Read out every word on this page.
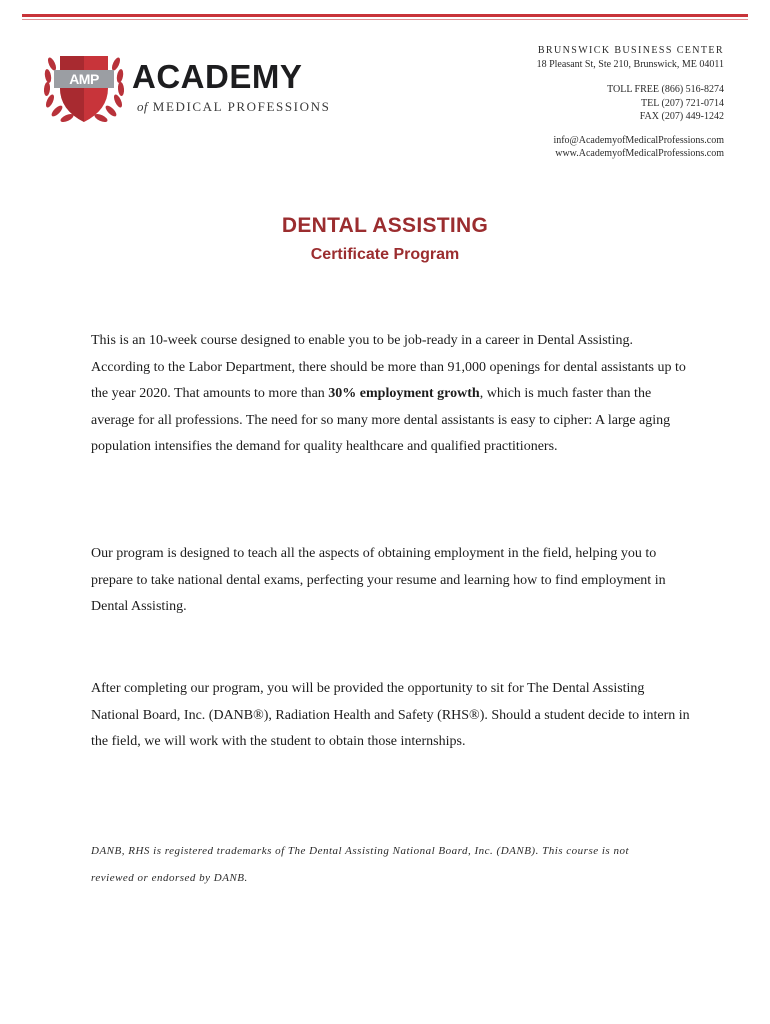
AMP ACADEMY
of MEDICAL PROFESSIONS
BRUNSWICK BUSINESS CENTER
18 Pleasant St, Ste 210, Brunswick, ME 04011
TOLL FREE (866) 516-8274
TEL (207) 721-0714
FAX (207) 449-1242
info@AcademyofMedicalProfessions.com
www.AcademyofMedicalProfessions.com
DENTAL ASSISTING
Certificate Program

This is an 10-week course designed to enable you to be job-ready in a career in Dental Assisting. According to the Labor Department, there should be more than 91,000 openings for dental assistants up to the year 2020. That amounts to more than 30% employment growth, which is much faster than the average for all professions. The need for so many more dental assistants is easy to cipher: A large aging population intensifies the demand for quality healthcare and qualified practitioners.

Our program is designed to teach all the aspects of obtaining employment in the field, helping you to prepare to take national dental exams, perfecting your resume and learning how to find employment in Dental Assisting.

After completing our program, you will be provided the opportunity to sit for The Dental Assisting National Board, Inc. (DANB®), Radiation Health and Safety (RHS®). Should a student decide to intern in the field, we will work with the student to obtain those internships.

DANB, RHS is registered trademarks of The Dental Assisting National Board, Inc. (DANB). This course is not reviewed or endorsed by DANB.
